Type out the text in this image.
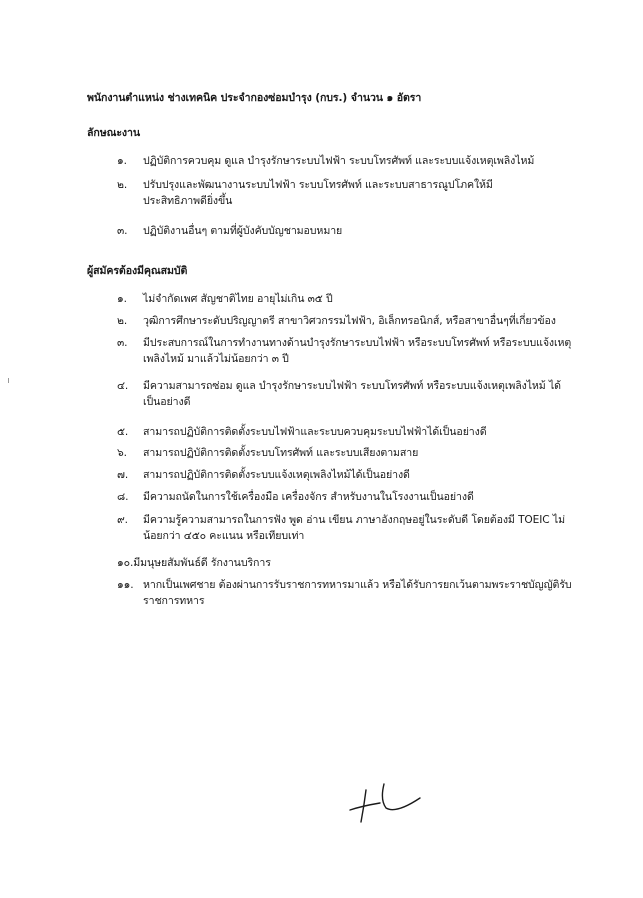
พนักงานตำแหน่ง ช่างเทคนิค ประจำกองซ่อมบำรุง (กบร.) จำนวน ๑ อัตรา
ลักษณะงาน
๑. ปฏิบัติการควบคุม ดูแล บำรุงรักษาระบบไฟฟ้า ระบบโทรศัพท์ และระบบแจ้งเหตุเพลิงไหม้
๒. ปรับปรุงและพัฒนางานระบบไฟฟ้า ระบบโทรศัพท์ และระบบสาธารณูปโภคให้มีประสิทธิภาพดียิ่งขึ้น
๓. ปฏิบัติงานอื่นๆ ตามที่ผู้บังคับบัญชามอบหมาย
ผู้สมัครต้องมีคุณสมบัติ
๑. ไม่จำกัดเพศ สัญชาติไทย อายุไม่เกิน ๓๕ ปี
๒. วุฒิการศึกษาระดับปริญญาตรี สาขาวิศวกรรมไฟฟ้า, อิเล็กทรอนิกส์, หรือสาขาอื่นๆที่เกี่ยวข้อง
๓. มีประสบการณ์ในการทำงานทางด้านบำรุงรักษาระบบไฟฟ้า หรือระบบโทรศัพท์ หรือระบบแจ้งเหตุเพลิงไหม้ มาแล้วไม่น้อยกว่า ๓ ปี
๔. มีความสามารถซ่อม ดูแล บำรุงรักษาระบบไฟฟ้า ระบบโทรศัพท์ หรือระบบแจ้งเหตุเพลิงไหม้ ได้เป็นอย่างดี
๕. สามารถปฏิบัติการติดตั้งระบบไฟฟ้าและระบบควบคุมระบบไฟฟ้าได้เป็นอย่างดี
๖. สามารถปฏิบัติการติดตั้งระบบโทรศัพท์ และระบบเสียงตามสาย
๗. สามารถปฏิบัติการติดตั้งระบบแจ้งเหตุเพลิงไหม้ได้เป็นอย่างดี
๘. มีความถนัดในการใช้เครื่องมือ เครื่องจักร สำหรับงานในโรงงานเป็นอย่างดี
๙. มีความรู้ความสามารถในการฟัง พูด อ่าน เขียน ภาษาอังกฤษอยู่ในระดับดี โดยต้องมี TOEIC ไม่น้อยกว่า ๔๕๐ คะแนน หรือเทียบเท่า
๑๐.มีมนุษยสัมพันธ์ดี รักงานบริการ
๑๑. หากเป็นเพศชาย ต้องผ่านการรับราชการทหารมาแล้ว หรือได้รับการยกเว้นตามพระราชบัญญัติรับราชการทหาร
